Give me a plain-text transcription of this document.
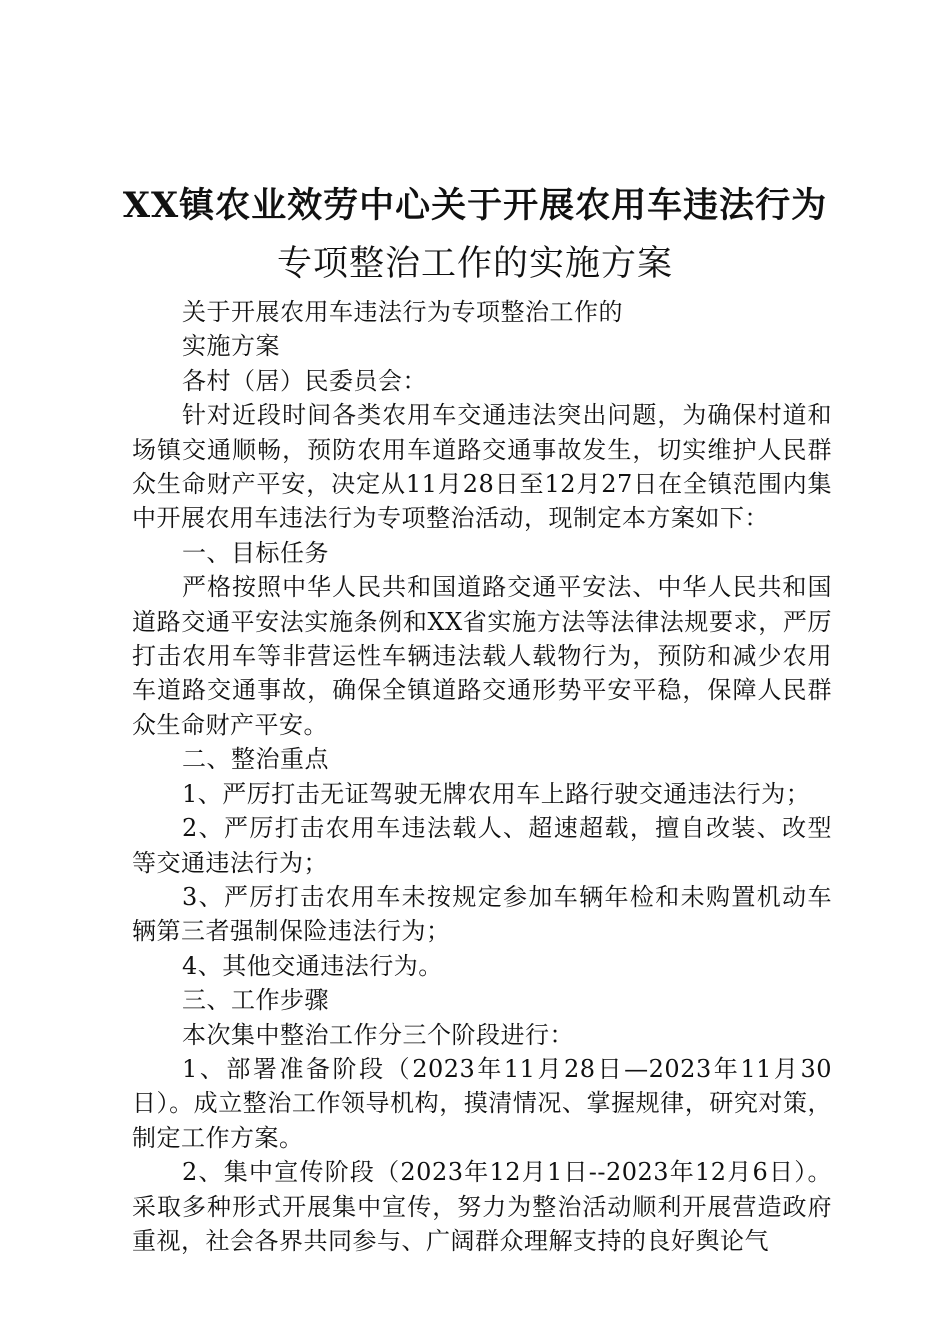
XX镇农业效劳中心关于开展农用车违法行为
专项整治工作的实施方案

关于开展农用车违法行为专项整治工作的

实施方案

各村（居）民委员会：

针对近段时间各类农用车交通违法突出问题，为确保村道和场镇交通顺畅，预防农用车道路交通事故发生，切实维护人民群众生命财产平安，决定从11月28日至12月27日在全镇范围内集中开展农用车违法行为专项整治活动，现制定本方案如下：

一、目标任务

严格按照中华人民共和国道路交通平安法、中华人民共和国道路交通平安法实施条例和XX省实施方法等法律法规要求，严厉打击农用车等非营运性车辆违法载人载物行为，预防和减少农用车道路交通事故，确保全镇道路交通形势平安平稳，保障人民群众生命财产平安。

二、整治重点

1、严厉打击无证驾驶无牌农用车上路行驶交通违法行为；

2、严厉打击农用车违法载人、超速超载，擅自改装、改型等交通违法行为；

3、严厉打击农用车未按规定参加车辆年检和未购置机动车辆第三者强制保险违法行为；

4、其他交通违法行为。

三、工作步骤

本次集中整治工作分三个阶段进行：

1、部署准备阶段（2023年11月28日—2023年11月30日）。成立整治工作领导机构，摸清情况、掌握规律，研究对策，制定工作方案。

2、集中宣传阶段（2023年12月1日--2023年12月6日）。采取多种形式开展集中宣传，努力为整治活动顺利开展营造政府重视，社会各界共同参与、广阔群众理解支持的良好舆论气
